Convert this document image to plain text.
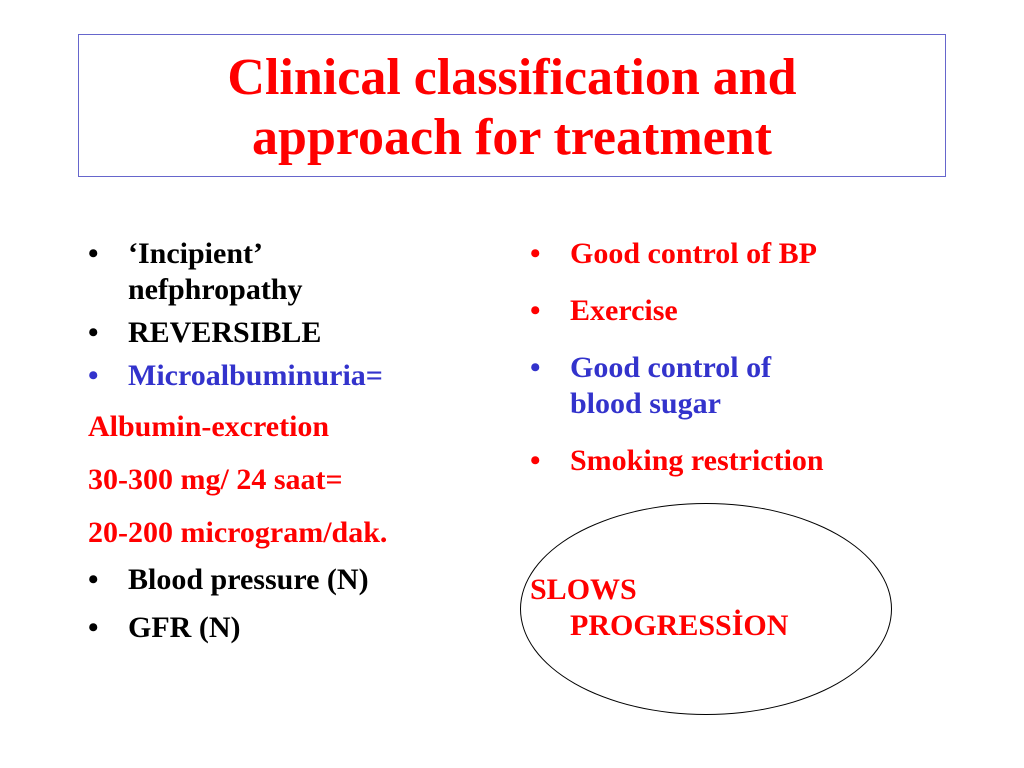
Clinical classification and
approach for treatment
• ‘Incipient’
nefphropathy
• REVERSIBLE
• Microalbuminuria=
Albumin-excretion
30-300 mg/ 24 saat=
20-200 microgram/dak.
• Blood pressure (N)
• GFR (N)
• Good control of BP
• Exercise
• Good control of
blood sugar
• Smoking restriction
SLOWS
PROGRESSİON
